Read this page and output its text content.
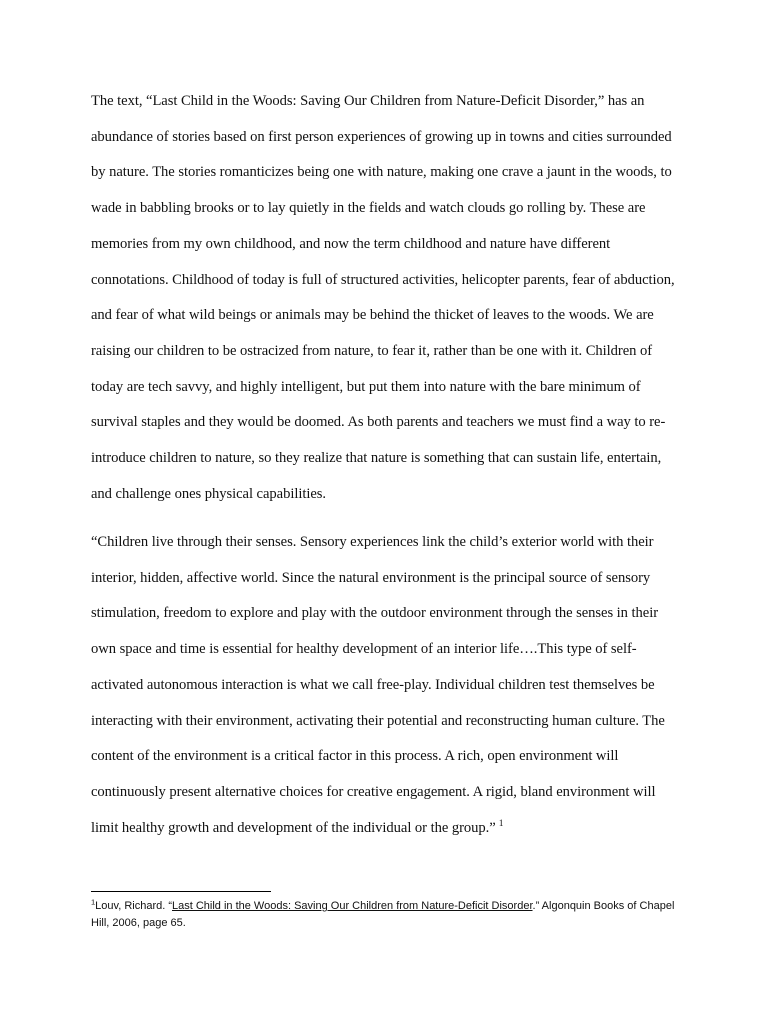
The text, “Last Child in the Woods: Saving Our Children from Nature-Deficit Disorder,” has an abundance of stories based on first person experiences of growing up in towns and cities surrounded by nature. The stories romanticizes being one with nature, making one crave a jaunt in the woods, to wade in babbling brooks or to lay quietly in the fields and watch clouds go rolling by. These are memories from my own childhood, and now the term childhood and nature have different connotations. Childhood of today is full of structured activities, helicopter parents, fear of abduction, and fear of what wild beings or animals may be behind the thicket of leaves to the woods. We are raising our children to be ostracized from nature, to fear it, rather than be one with it. Children of today are tech savvy, and highly intelligent, but put them into nature with the bare minimum of survival staples and they would be doomed. As both parents and teachers we must find a way to re-introduce children to nature, so they realize that nature is something that can sustain life, entertain, and challenge ones physical capabilities.

“Children live through their senses. Sensory experiences link the child’s exterior world with their interior, hidden, affective world. Since the natural environment is the principal source of sensory stimulation, freedom to explore and play with the outdoor environment through the senses in their own space and time is essential for healthy development of an interior life….This type of self-activated autonomous interaction is what we call free-play. Individual children test themselves be interacting with their environment, activating their potential and reconstructing human culture. The content of the environment is a critical factor in this process. A rich, open environment will continuously present alternative choices for creative engagement. A rigid, bland environment will limit healthy growth and development of the individual or the group.” $^1$

$^1$Louv, Richard. “Last Child in the Woods: Saving Our Children from Nature-Deficit Disorder.” Algonquin Books of Chapel Hill, 2006, page 65.
